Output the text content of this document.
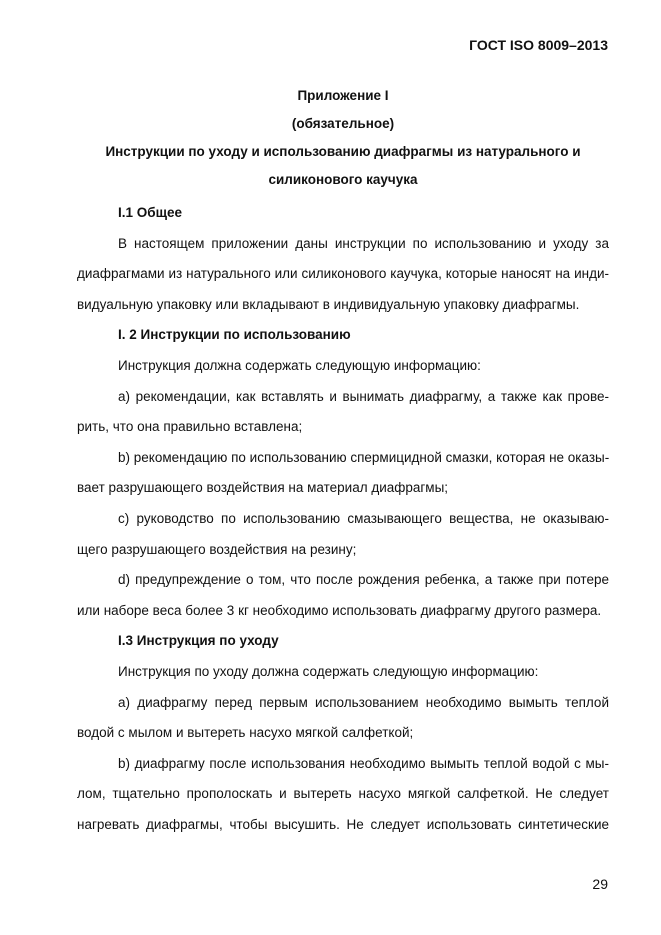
ГОСТ ISO 8009–2013
Приложение I
(обязательное)
Инструкции по уходу и использованию диафрагмы из натурального и
силиконового каучука
I.1 Общее
В настоящем приложении даны инструкции по использованию и уходу за
диафрагмами из натурального или силиконового каучука, которые наносят на инди-
видуальную упаковку или вкладывают в индивидуальную упаковку диафрагмы.
I. 2 Инструкции по использованию
Инструкция должна содержать следующую информацию:
а) рекомендации, как вставлять и вынимать диафрагму, а также как прове-
рить, что она правильно вставлена;
b) рекомендацию по использованию спермицидной смазки, которая не оказы-
вает разрушающего воздействия на материал диафрагмы;
с) руководство по использованию смазывающего вещества, не оказываю-
щего разрушающего воздействия на резину;
d) предупреждение о том, что после рождения ребенка, а также при потере
или наборе веса более 3 кг необходимо использовать диафрагму другого размера.
I.3 Инструкция по уходу
Инструкция по уходу должна содержать следующую информацию:
а) диафрагму перед первым использованием необходимо вымыть теплой
водой с мылом и вытереть насухо мягкой салфеткой;
b) диафрагму после использования необходимо вымыть теплой водой с мы-
лом, тщательно прополоскать и вытереть насухо мягкой салфеткой. Не следует
нагревать диафрагмы, чтобы высушить. Не следует использовать синтетические
29
